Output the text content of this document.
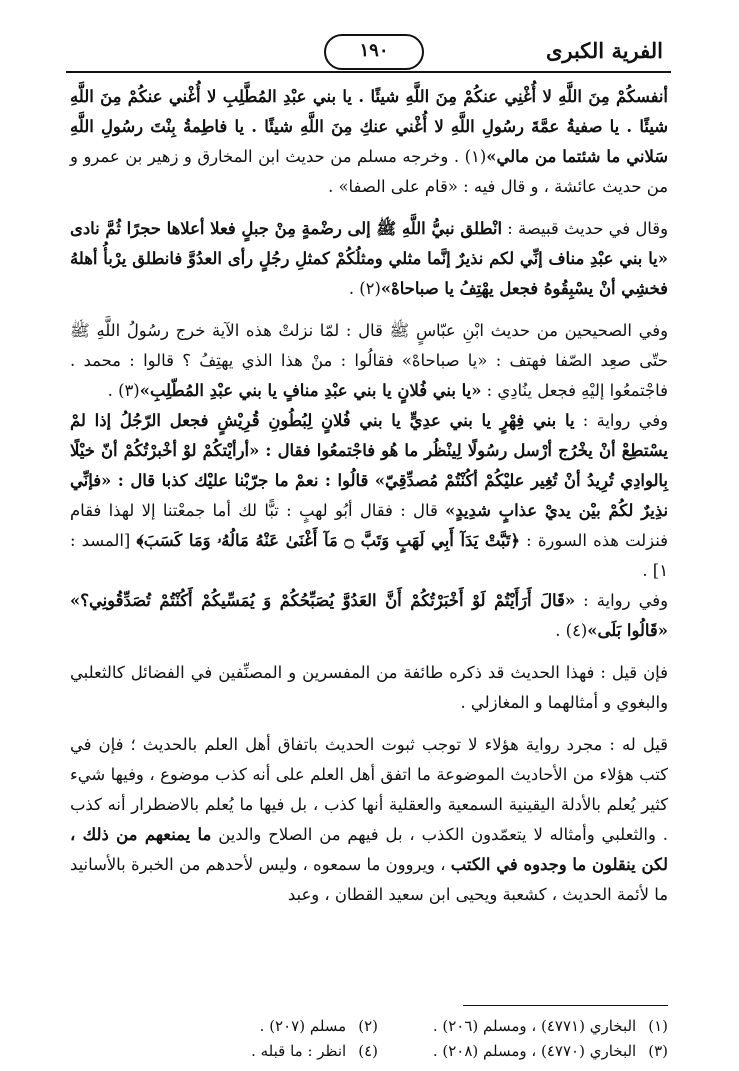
الفرية الكبرى
١٩٠

أنفسكُمْ مِنَ اللَّهِ لا أُغْنِي عنكُمْ مِنَ اللَّهِ شيئًا . يا بني عبْدِ المُطَّلِبِ لا أُغْني عنكُمْ مِنَ اللَّهِ شيئًا . يا صفيةُ عمَّةَ رسُولِ اللَّهِ لا أُغْني عنكِ مِنَ اللَّهِ شيئًا . يا فاطِمةُ بِنْتَ رسُولِ اللَّهِ سَلاني ما شئتما من مالي»(١) . وخرجه مسلم من حديث ابن المخارق و زهير بن عمرو و من حديث عائشة ، و قال فيه : «قام على الصفا» .

وقال في حديث قبيصة : انْطلق نبيُّ اللَّهِ ﷺ إلى رضْمةٍ مِنْ جبلٍ فعلا أعلاها حجرًا ثُمَّ نادى «يا بني عبْدِ مناف إنِّي لكم نذيرٌ إنَّما مثلي ومثلُكُمْ كمثلِ رجُلٍ رأى العدُوَّ فانطلق يرْبأُ أهلهُ فخشِي أنْ يسْبِقُوهُ فجعل يهْتِفُ يا صباحاهْ»(٢) .

وفي الصحيحين من حديث ابْنِ عبّاسٍ ﷺ قال : لمّا نزلتْ هذه الآية خرج رسُولُ اللَّهِ ﷺ حتّى صعِد الصّفا فهتف : «يا صباحاهْ» فقالُوا : منْ هذا الذي يهتِفُ ؟ قالوا : محمد . فاجْتمعُوا إليْهِ فجعل ينُادِي : «يا بني فُلانٍ يا بني عبْدِ منافٍ يا بني عبْدِ المُطّلِبِ»(٣) .

وفي رواية : يا بني فِهْرٍ يا بني عدِيٍّ يا بني فُلانٍ لِبُطُونِ قُرِيْشٍ فجعل الرّجُلُ إذا لمْ يسْتطِعْ أنْ يخْرُج أرْسل رسُولًا لِينْظُر ما هُو فاجْتمعُوا فقال : «أرأيْتكُمْ لوْ أخْبرْتُكُمْ أنّ خيْلًا بِالوادِي تُرِيدُ أنْ تُغِير عليْكُمْ أكُنْتُمْ مُصدِّقِيّ» قالُوا : نعمْ ما جرّبْنا عليْك كذبا قال : «فإنِّي نذِيرٌ لكُمْ بيْن يديْ عذابٍ شدِيدٍ» قال : فقال أبُو لهبٍ : تبًّا لك أما جمعْتنا إلا لهذا فقام فنزلت هذه السورة : ﴿تَبَّتْ يَدَآ أَبِي لَهَبٍ وَتَبَّ ۝ مَآ أَغْنَىٰ عَنْهُ مَالُهُۥ وَمَا كَسَبَ﴾ [المسد : ١] .

وفي رواية : «قَالَ أَرَأَيْتُمْ لَوْ أَخْبَرْتُكُمْ أَنَّ العَدُوَّ يُصَبِّحُكُمْ وَ يُمَسِّيكُمْ أَكُنْتُمْ تُصَدِّقُونِي؟» «قَالُوا بَلَى»(٤) .

فإن قيل : فهذا الحديث قد ذكره طائفة من المفسرين و المصنِّفين في الفضائل كالثعلبي والبغوي و أمثالهما و المغازلي .

قيل له : مجرد رواية هؤلاء لا توجب ثبوت الحديث باتفاق أهل العلم بالحديث ؛ فإن في كتب هؤلاء من الأحاديث الموضوعة ما اتفق أهل العلم على أنه كذب موضوع ، وفيها شيء كثير يُعلم بالأدلة اليقينية السمعية والعقلية أنها كذب ، بل فيها ما يُعلم بالاضطرار أنه كذب . والثعلبي وأمثاله لا يتعمّدون الكذب ، بل فيهم من الصلاح والدين ما يمنعهم من ذلك ، لكن ينقلون ما وجدوه في الكتب ، ويروون ما سمعوه ، وليس لأحدهم من الخبرة بالأسانيد ما لأئمة الحديث ، كشعبة ويحيى ابن سعيد القطان ، وعبد

(١)البخاري (٤٧٧١) ، ومسلم (٢٠٦) .
(٢)مسلم (٢٠٧) .
(٣)البخاري (٤٧٧٠) ، ومسلم (٢٠٨) .
(٤)انظر : ما قبله .
